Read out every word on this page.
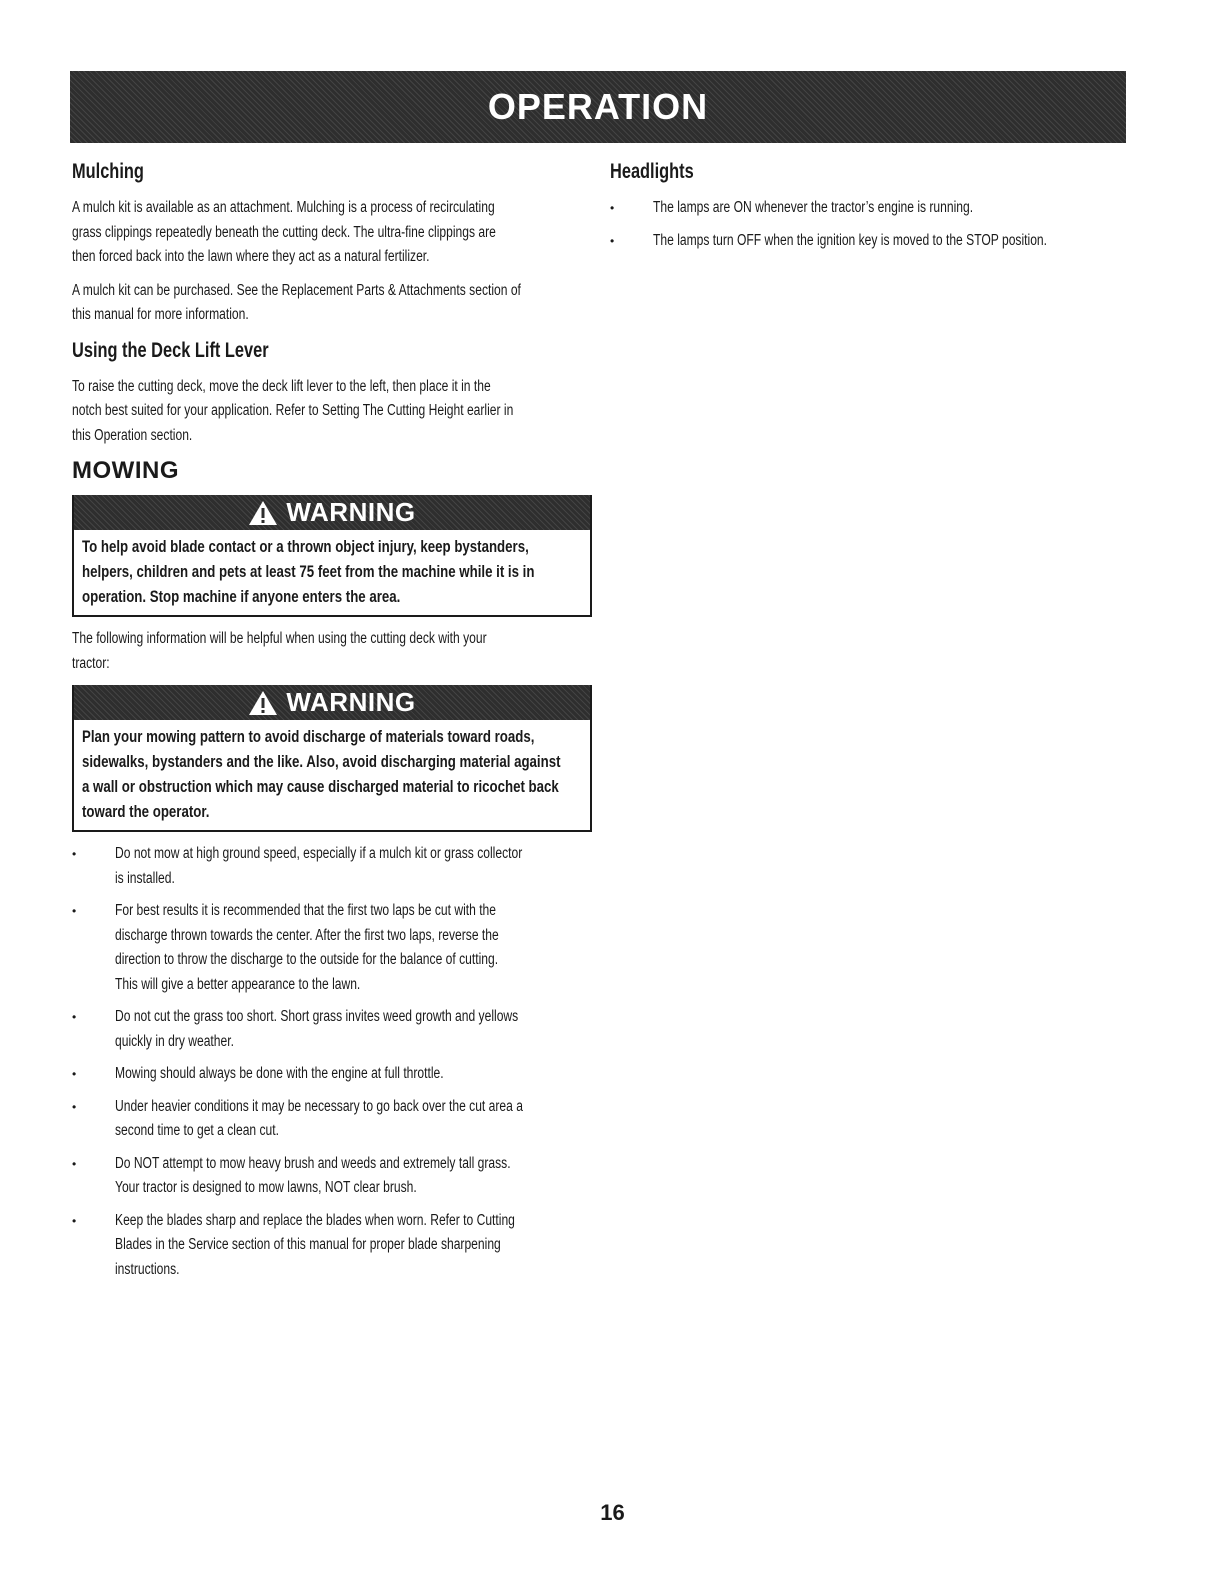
OPERATION
Mulching
A mulch kit is available as an attachment. Mulching is a process of recirculating
grass clippings repeatedly beneath the cutting deck. The ultra-fine clippings are
then forced back into the lawn where they act as a natural fertilizer.
A mulch kit can be purchased. See the Replacement Parts & Attachments section of
this manual for more information.
Using the Deck Lift Lever
To raise the cutting deck, move the deck lift lever to the left, then place it in the
notch best suited for your application. Refer to Setting The Cutting Height earlier in
this Operation section.
MOWING
WARNING
To help avoid blade contact or a thrown object injury, keep bystanders,
helpers, children and pets at least 75 feet from the machine while it is in
operation. Stop machine if anyone enters the area.
The following information will be helpful when using the cutting deck with your
tractor:
WARNING
Plan your mowing pattern to avoid discharge of materials toward roads,
sidewalks, bystanders and the like. Also, avoid discharging material against
a wall or obstruction which may cause discharged material to ricochet back
toward the operator.
•	Do not mow at high ground speed, especially if a mulch kit or grass collector
is installed.
•	For best results it is recommended that the first two laps be cut with the
discharge thrown towards the center. After the first two laps, reverse the
direction to throw the discharge to the outside for the balance of cutting.
This will give a better appearance to the lawn.
•	Do not cut the grass too short. Short grass invites weed growth and yellows
quickly in dry weather.
•	Mowing should always be done with the engine at full throttle.
•	Under heavier conditions it may be necessary to go back over the cut area a
second time to get a clean cut.
•	Do NOT attempt to mow heavy brush and weeds and extremely tall grass.
Your tractor is designed to mow lawns, NOT clear brush.
•	Keep the blades sharp and replace the blades when worn. Refer to Cutting
Blades in the Service section of this manual for proper blade sharpening
instructions.
Headlights
•	The lamps are ON whenever the tractor’s engine is running.
•	The lamps turn OFF when the ignition key is moved to the STOP position.
16
